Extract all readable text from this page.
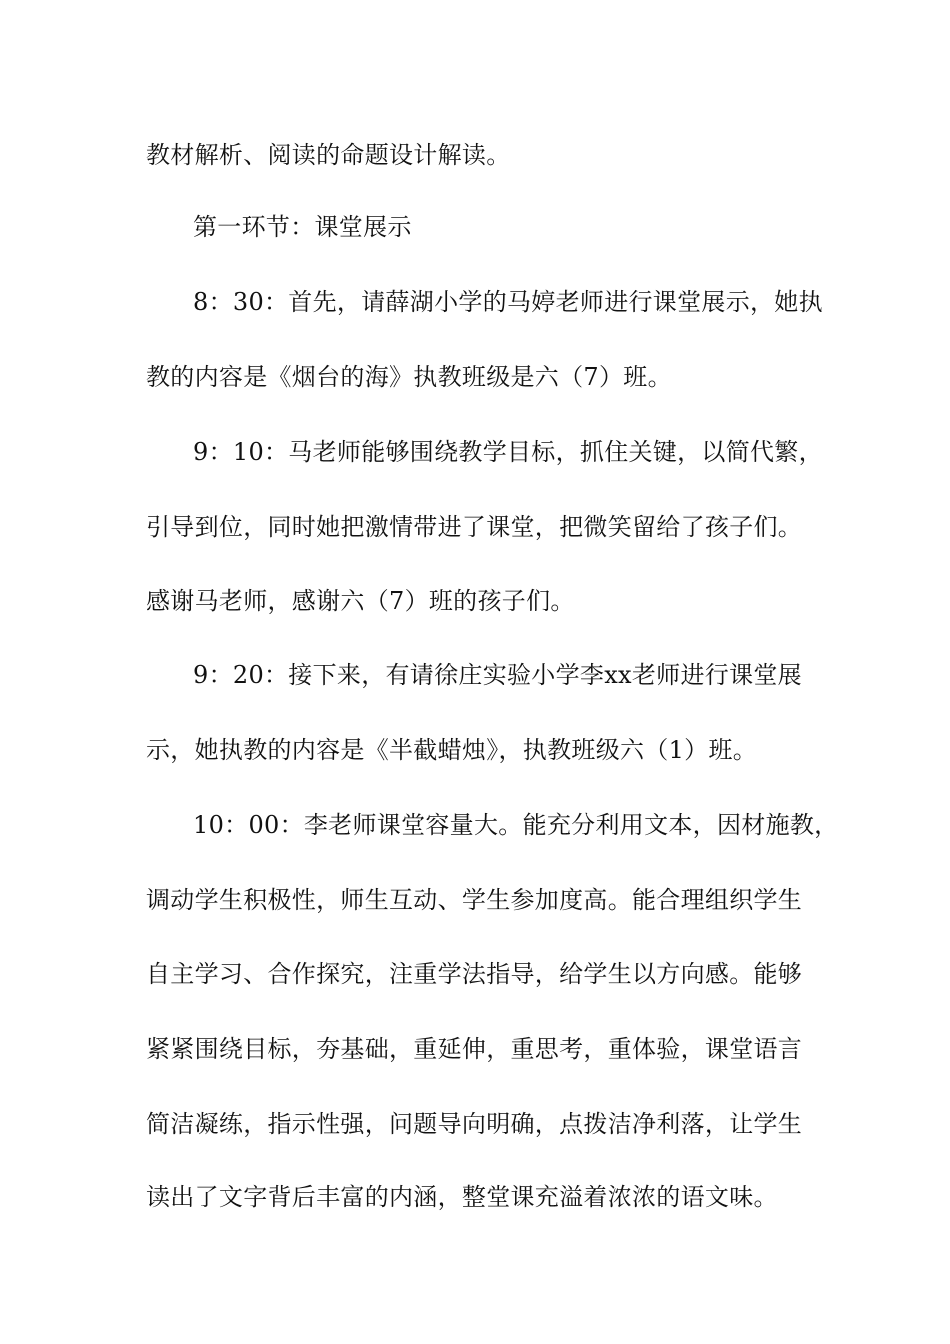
教材解析、阅读的命题设计解读。
第一环节：课堂展示
8：30：首先，请薛湖小学的马婷老师进行课堂展示，她执
教的内容是《烟台的海》执教班级是六（7）班。
9：10：马老师能够围绕教学目标，抓住关键，以简代繁，
引导到位，同时她把激情带进了课堂，把微笑留给了孩子们。
感谢马老师，感谢六（7）班的孩子们。
9：20：接下来，有请徐庄实验小学李xx老师进行课堂展
示，她执教的内容是《半截蜡烛》，执教班级六（1）班。
10：00：李老师课堂容量大。能充分利用文本，因材施教，
调动学生积极性，师生互动、学生参加度高。能合理组织学生
自主学习、合作探究，注重学法指导，给学生以方向感。能够
紧紧围绕目标，夯基础，重延伸，重思考，重体验，课堂语言
简洁凝练，指示性强，问题导向明确，点拨洁净利落，让学生
读出了文字背后丰富的内涵，整堂课充溢着浓浓的语文味。
